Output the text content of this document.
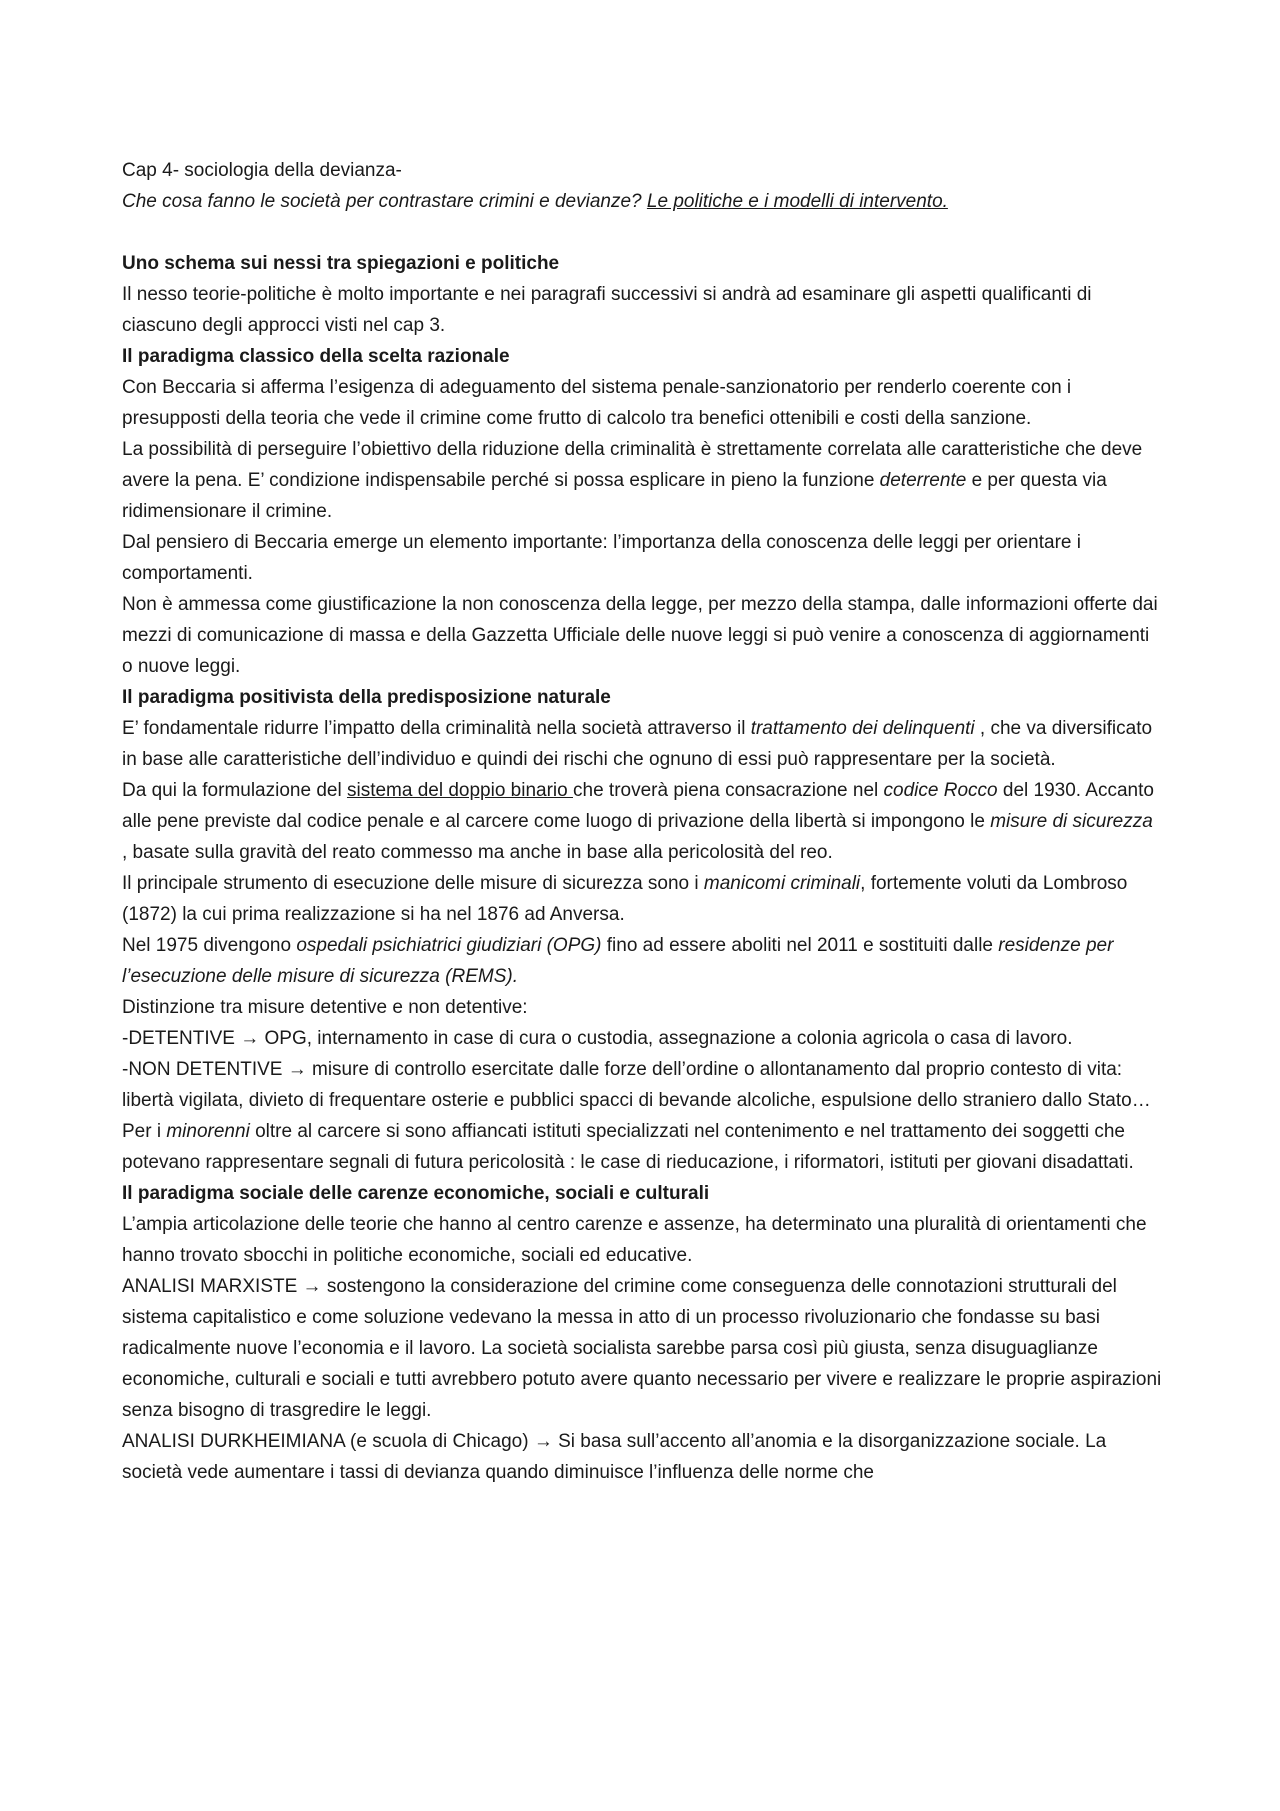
Cap 4- sociologia della devianza-

Che cosa fanno le società per contrastare crimini e devianze? Le politiche e i modelli di intervento.

Uno schema sui nessi tra spiegazioni e politiche

Il nesso teorie-politiche è molto importante e nei paragrafi successivi si andrà ad esaminare gli aspetti qualificanti di ciascuno degli approcci visti nel cap 3.

Il paradigma classico della scelta razionale

Con Beccaria si afferma l’esigenza di adeguamento del sistema penale-sanzionatorio per renderlo coerente con i presupposti della teoria che vede il crimine come frutto di calcolo tra benefici ottenibili e costi della sanzione.

La possibilità di perseguire l’obiettivo della riduzione della criminalità è strettamente correlata alle caratteristiche che deve avere la pena. E’ condizione indispensabile perché si possa esplicare in pieno la funzione deterrente e per questa via ridimensionare il crimine.

Dal pensiero di Beccaria emerge un elemento importante: l’importanza della conoscenza delle leggi per orientare i comportamenti.

Non è ammessa come giustificazione la non conoscenza della legge, per mezzo della stampa, dalle informazioni offerte dai mezzi di comunicazione di massa e della Gazzetta Ufficiale delle nuove leggi si può venire a conoscenza di aggiornamenti o nuove leggi.

Il paradigma positivista della predisposizione naturale

E’ fondamentale ridurre l’impatto della criminalità nella società attraverso il trattamento dei delinquenti , che va diversificato in base alle caratteristiche dell’individuo e quindi dei rischi che ognuno di essi può rappresentare per la società.

Da qui la formulazione del sistema del doppio binario che troverà piena consacrazione nel codice Rocco del 1930. Accanto alle pene previste dal codice penale e al carcere come luogo di privazione della libertà si impongono le misure di sicurezza , basate sulla gravità del reato commesso ma anche in base alla pericolosità del reo.

Il principale strumento di esecuzione delle misure di sicurezza sono i manicomi criminali, fortemente voluti da Lombroso (1872) la cui prima realizzazione si ha nel 1876 ad Anversa.

Nel 1975 divengono ospedali psichiatrici giudiziari (OPG) fino ad essere aboliti nel 2011 e sostituiti dalle residenze per l’esecuzione delle misure di sicurezza (REMS).

Distinzione tra misure detentive e non detentive:

-DETENTIVE → OPG, internamento in case di cura o custodia, assegnazione a colonia agricola o casa di lavoro.

-NON DETENTIVE → misure di controllo esercitate dalle forze dell’ordine o allontanamento dal proprio contesto di vita: libertà vigilata, divieto di frequentare osterie e pubblici spacci di bevande alcoliche, espulsione dello straniero dallo Stato…

Per i minorenni oltre al carcere si sono affiancati istituti specializzati nel contenimento e nel trattamento dei soggetti che potevano rappresentare segnali di futura pericolosità : le case di rieducazione, i riformatori, istituti per giovani disadattati.

Il paradigma sociale delle carenze economiche, sociali e culturali

L’ampia articolazione delle teorie che hanno al centro carenze e assenze, ha determinato una pluralità di orientamenti che hanno trovato sbocchi in politiche economiche, sociali ed educative.

ANALISI MARXISTE → sostengono la considerazione del crimine come conseguenza delle connotazioni strutturali del sistema capitalistico e come soluzione vedevano la messa in atto di un processo rivoluzionario che fondasse su basi radicalmente nuove l’economia e il lavoro. La società socialista sarebbe parsa così più giusta, senza disuguaglianze economiche, culturali e sociali e tutti avrebbero potuto avere quanto necessario per vivere e realizzare le proprie aspirazioni senza bisogno di trasgredire le leggi.

ANALISI DURKHEIMIANA (e scuola di Chicago) → Si basa sull’accento all’anomia e la disorganizzazione sociale. La società vede aumentare i tassi di devianza quando diminuisce l’influenza delle norme che
